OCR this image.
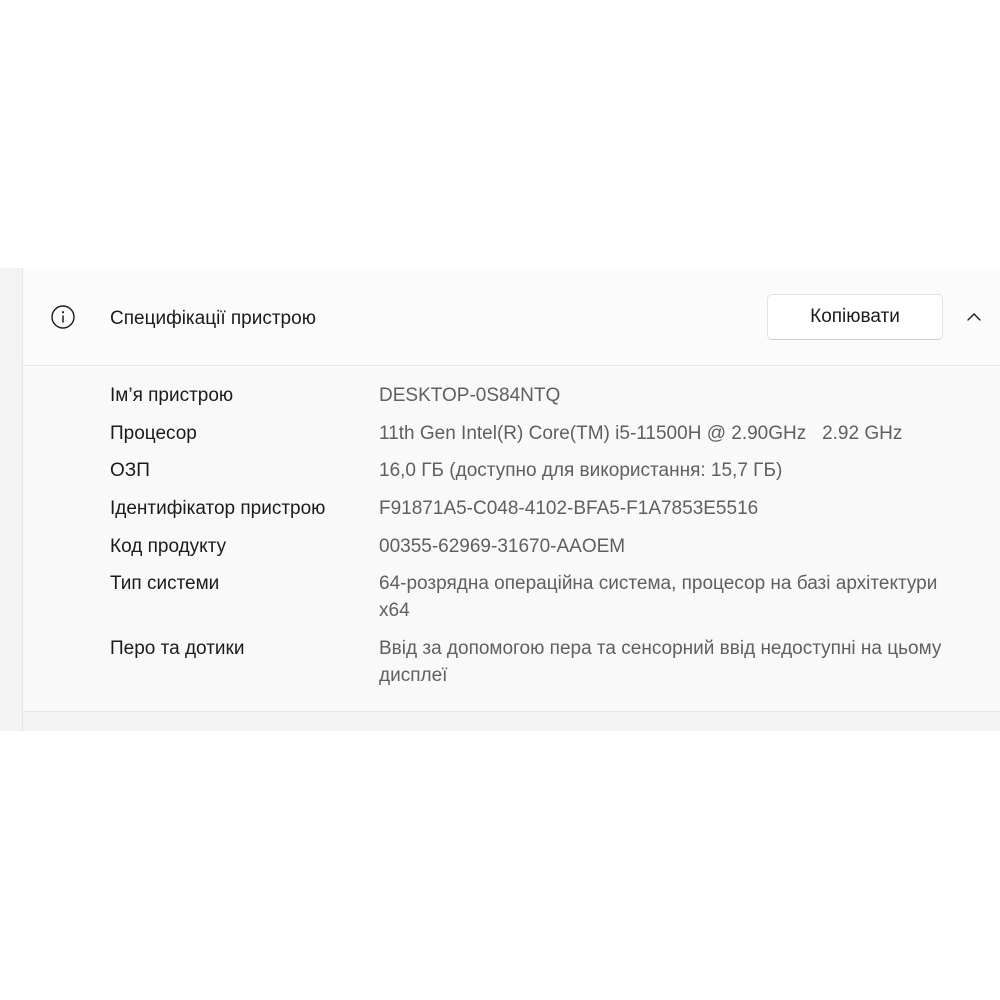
Специфікації пристрою	Копіювати
Ім’я пристрою	DESKTOP-0S84NTQ
Процесор	11th Gen Intel(R) Core(TM) i5-11500H @ 2.90GHz   2.92 GHz
ОЗП	16,0 ГБ (доступно для використання: 15,7 ГБ)
Ідентифікатор пристрою	F91871A5-C048-4102-BFA5-F1A7853E5516
Код продукту	00355-62969-31670-AAOEM
Тип системи	64-розрядна операційна система, процесор на базі архітектури x64
Перо та дотики	Ввід за допомогою пера та сенсорний ввід недоступні на цьому дисплеї
